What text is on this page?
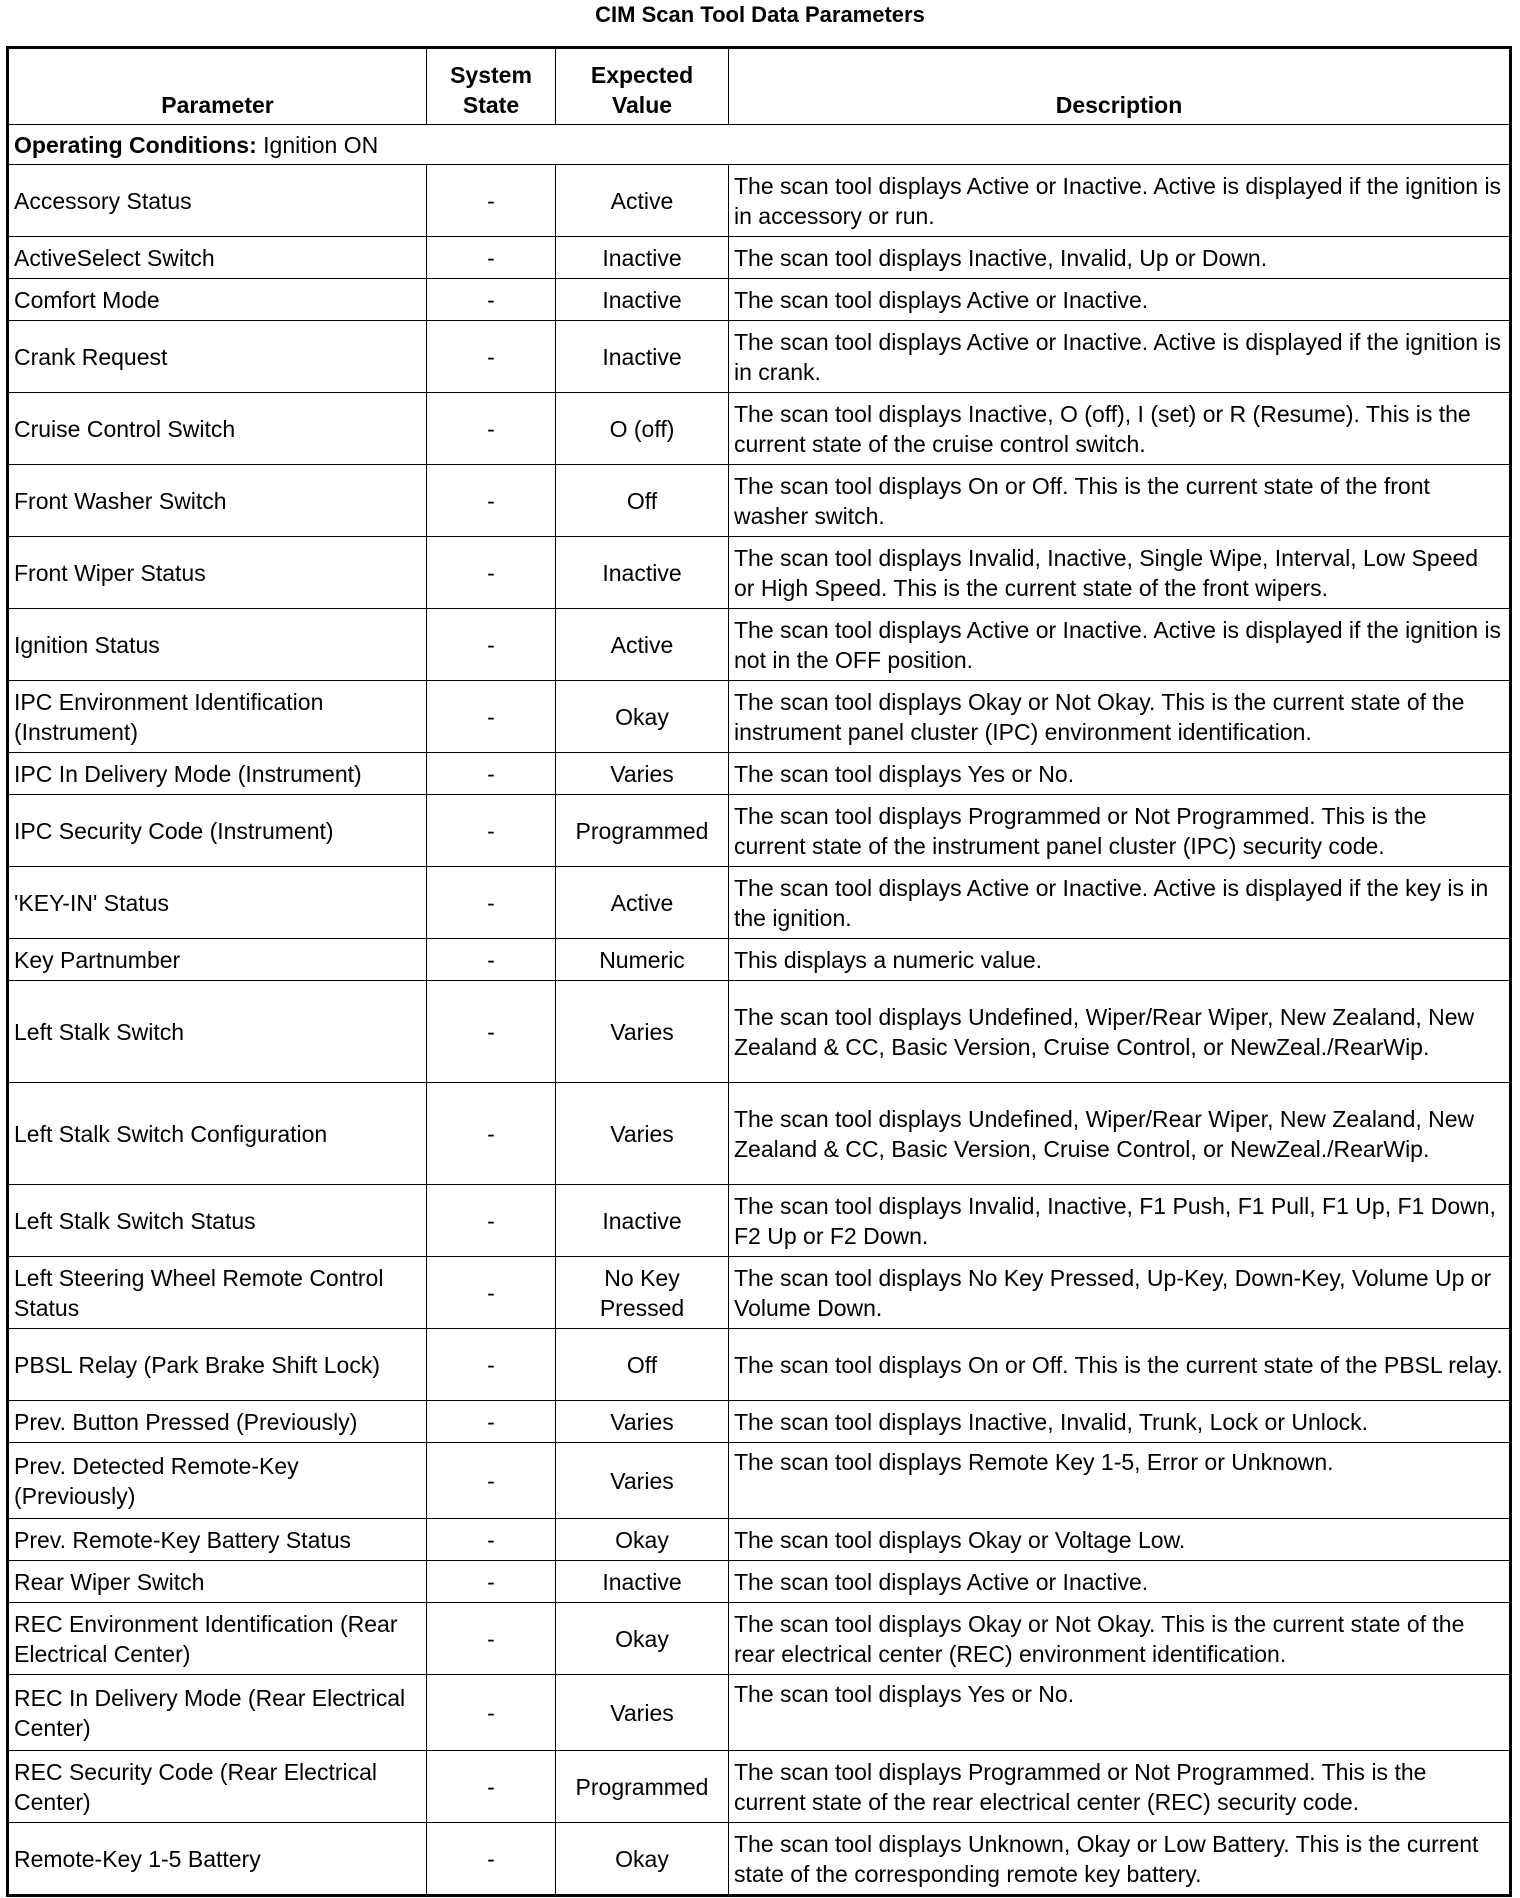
CIM Scan Tool Data Parameters
Parameter	System State	Expected Value	Description
Operating Conditions: Ignition ON			
Accessory Status	-	Active	The scan tool displays Active or Inactive. Active is displayed if the ignition is in accessory or run.
ActiveSelect Switch	-	Inactive	The scan tool displays Inactive, Invalid, Up or Down.
Comfort Mode	-	Inactive	The scan tool displays Active or Inactive.
Crank Request	-	Inactive	The scan tool displays Active or Inactive. Active is displayed if the ignition is in crank.
Cruise Control Switch	-	O (off)	The scan tool displays Inactive, O (off), I (set) or R (Resume). This is the current state of the cruise control switch.
Front Washer Switch	-	Off	The scan tool displays On or Off. This is the current state of the front washer switch.
Front Wiper Status	-	Inactive	The scan tool displays Invalid, Inactive, Single Wipe, Interval, Low Speed or High Speed. This is the current state of the front wipers.
Ignition Status	-	Active	The scan tool displays Active or Inactive. Active is displayed if the ignition is not in the OFF position.
IPC Environment Identification (Instrument)	-	Okay	The scan tool displays Okay or Not Okay. This is the current state of the instrument panel cluster (IPC) environment identification.
IPC In Delivery Mode (Instrument)	-	Varies	The scan tool displays Yes or No.
IPC Security Code (Instrument)	-	Programmed	The scan tool displays Programmed or Not Programmed. This is the current state of the instrument panel cluster (IPC) security code.
'KEY-IN' Status	-	Active	The scan tool displays Active or Inactive. Active is displayed if the key is in the ignition.
Key Partnumber	-	Numeric	This displays a numeric value.
Left Stalk Switch	-	Varies	The scan tool displays Undefined, Wiper/Rear Wiper, New Zealand, New Zealand & CC, Basic Version, Cruise Control, or NewZeal./RearWip.
Left Stalk Switch Configuration	-	Varies	The scan tool displays Undefined, Wiper/Rear Wiper, New Zealand, New Zealand & CC, Basic Version, Cruise Control, or NewZeal./RearWip.
Left Stalk Switch Status	-	Inactive	The scan tool displays Invalid, Inactive, F1 Push, F1 Pull, F1 Up, F1 Down, F2 Up or F2 Down.
Left Steering Wheel Remote Control Status	-	No Key Pressed	The scan tool displays No Key Pressed, Up-Key, Down-Key, Volume Up or Volume Down.
PBSL Relay (Park Brake Shift Lock)	-	Off	The scan tool displays On or Off. This is the current state of the PBSL relay.
Prev. Button Pressed (Previously)	-	Varies	The scan tool displays Inactive, Invalid, Trunk, Lock or Unlock.
Prev. Detected Remote-Key (Previously)	-	Varies	The scan tool displays Remote Key 1-5, Error or Unknown.
Prev. Remote-Key Battery Status	-	Okay	The scan tool displays Okay or Voltage Low.
Rear Wiper Switch	-	Inactive	The scan tool displays Active or Inactive.
REC Environment Identification (Rear Electrical Center)	-	Okay	The scan tool displays Okay or Not Okay. This is the current state of the rear electrical center (REC) environment identification.
REC In Delivery Mode (Rear Electrical Center)	-	Varies	The scan tool displays Yes or No.
REC Security Code (Rear Electrical Center)	-	Programmed	The scan tool displays Programmed or Not Programmed. This is the current state of the rear electrical center (REC) security code.
Remote-Key 1-5 Battery	-	Okay	The scan tool displays Unknown, Okay or Low Battery. This is the current state of the corresponding remote key battery.
